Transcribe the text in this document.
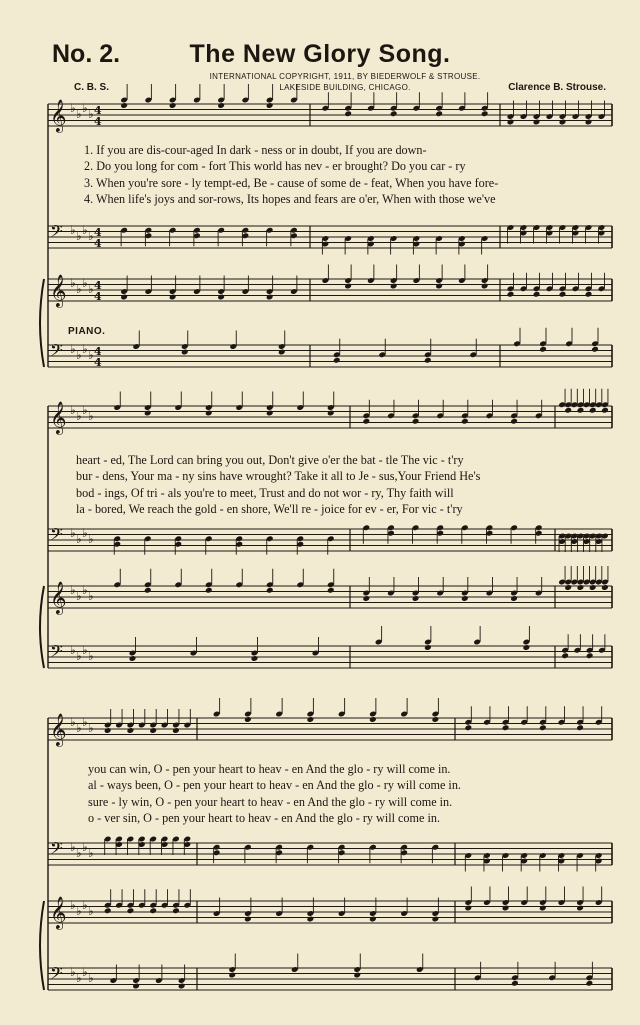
No. 2.	The New Glory Song.
INTERNATIONAL COPYRIGHT, 1911, BY BIEDERWOLF & STROUSE.
LAKESIDE BUILDING, CHICAGO.
C. B. S.	Clarence B. Strouse.
𝄞 ♭ ♭ ♭ ♭ 4
4
𝄢 ♭ ♭ ♭ ♭ 4
4
𝄞 ♭ ♭ ♭ ♭ 4
4
𝄢 ♭ ♭ ♭ ♭ 4
4
𝄞 ♭ ♭ ♭ ♭
𝄢 ♭ ♭ ♭ ♭
𝄞 ♭ ♭ ♭ ♭
𝄢 ♭ ♭ ♭ ♭
𝄞 ♭ ♭ ♭ ♭
𝄢 ♭ ♭ ♭ ♭
𝄞 ♭ ♭ ♭ ♭
𝄢 ♭ ♭ ♭ ♭
PIANO.
1. If you are dis-cour-aged In dark - ness or in doubt, If you are down-
2. Do you long for com - fort This world has nev - er brought? Do you car - ry
3. When you're sore - ly tempt-ed, Be - cause of some de - feat, When you have fore-
4. When life's joys and sor-rows, Its hopes and fears are o'er, When with those we've
heart - ed, The Lord can bring you out, Don't give o'er the bat - tle The vic - t'ry
bur - dens, Your ma - ny sins have wrought? Take it all to Je - sus,Your Friend He's
bod - ings, Of tri - als you're to meet, Trust and do not wor - ry, Thy faith will
la - bored, We reach the gold - en shore, We'll re - joice for ev - er, For vic - t'ry
you can win, O - pen your heart to heav - en And the glo - ry will come in.
al - ways been, O - pen your heart to heav - en And the glo - ry will come in.
sure - ly win, O - pen your heart to heav - en And the glo - ry will come in.
o - ver sin, O - pen your heart to heav - en And the glo - ry will come in.
